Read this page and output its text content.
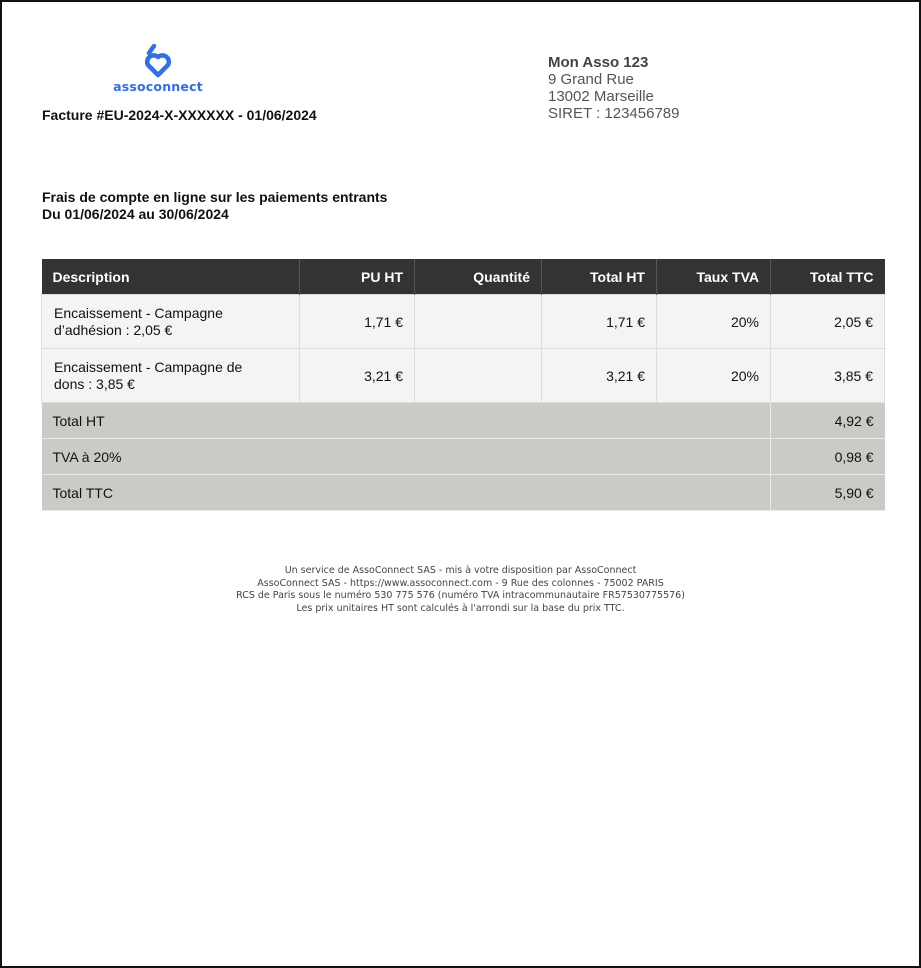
assoconnect
Facture #EU-2024-X-XXXXXX - 01/06/2024
Mon Asso 123
9 Grand Rue
13002 Marseille
SIRET : 123456789
Frais de compte en ligne sur les paiements entrants
Du 01/06/2024 au 30/06/2024
Description	PU HT	Quantité	Total HT	Taux TVA	Total TTC

Encaissement - Campagne
d’adhésion : 2,05 €	1,71 €		1,71 €	20%	2,05 €

Encaissement - Campagne de
dons : 3,85 €	3,21 €		3,21 €	20%	3,85 €
Total HT					4,92 €
TVA à 20%					0,98 €
Total TTC					5,90 €
Un service de AssoConnect SAS - mis à votre disposition par AssoConnect
AssoConnect SAS - https://www.assoconnect.com - 9 Rue des colonnes - 75002 PARIS
RCS de Paris sous le numéro 530 775 576 (numéro TVA intracommunautaire FR57530775576)
Les prix unitaires HT sont calculés à l'arrondi sur la base du prix TTC.
